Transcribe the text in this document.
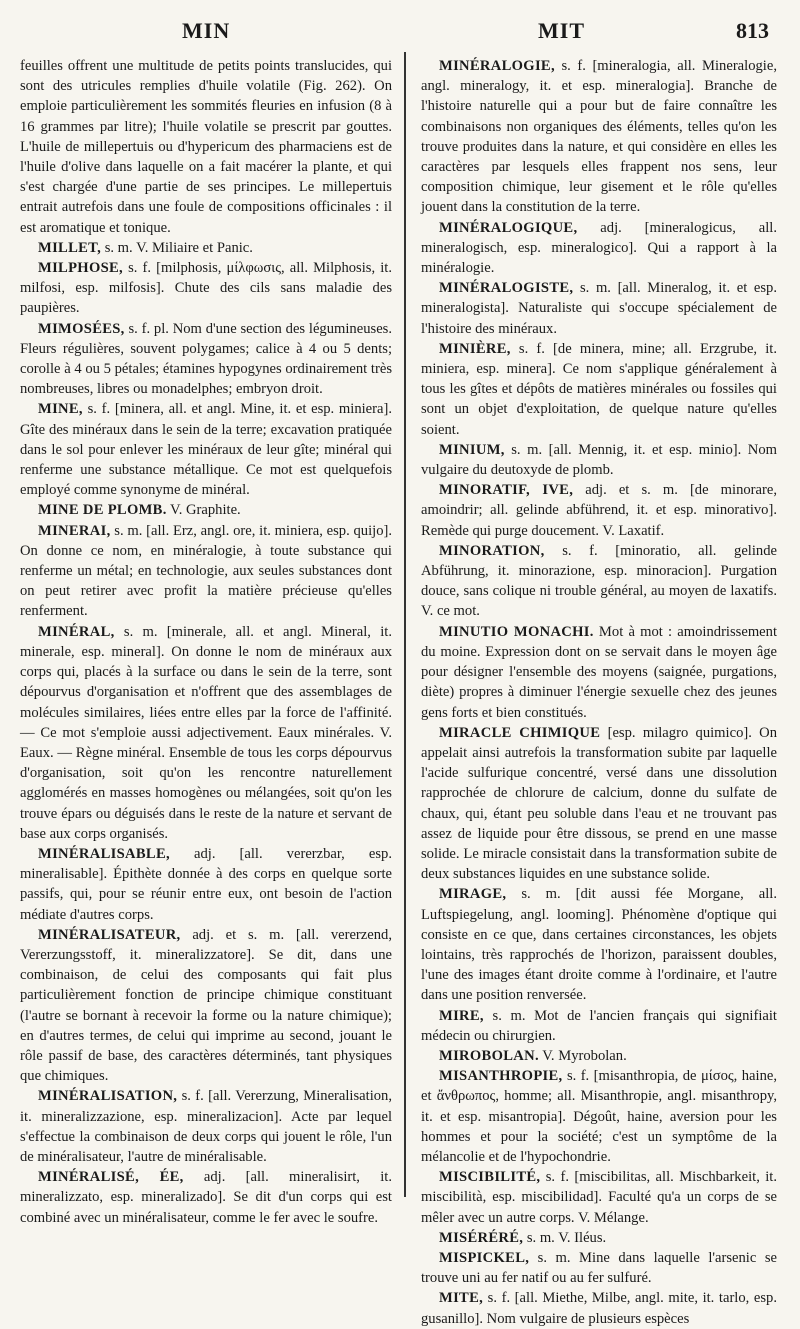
MIN	MIT	813

feuilles offrent une multitude de petits points translucides, qui sont des utricules remplies d'huile volatile (Fig. 262). On emploie particulièrement les sommités fleuries en infusion (8 à 16 grammes par litre); l'huile volatile se prescrit par gouttes. L'huile de millepertuis ou d'hypericum des pharmaciens est de l'huile d'olive dans laquelle on a fait macérer la plante, et qui s'est chargée d'une partie de ses principes. Le millepertuis entrait autrefois dans une foule de compositions officinales : il est aromatique et tonique.

MILLET, s. m. V. Miliaire et Panic.

MILPHOSE, s. f. [milphosis, μίλφωσις, all. Milphosis, it. milfosi, esp. milfosis]. Chute des cils sans maladie des paupières.

MIMOSÉES, s. f. pl. Nom d'une section des légumineuses. Fleurs régulières, souvent polygames; calice à 4 ou 5 dents; corolle à 4 ou 5 pétales; étamines hypogynes ordinairement très nombreuses, libres ou monadelphes; embryon droit.

MINE, s. f. [minera, all. et angl. Mine, it. et esp. miniera]. Gîte des minéraux dans le sein de la terre; excavation pratiquée dans le sol pour enlever les minéraux de leur gîte; minéral qui renferme une substance métallique. Ce mot est quelquefois employé comme synonyme de minéral.

MINE DE PLOMB. V. Graphite.

MINERAI, s. m. [all. Erz, angl. ore, it. miniera, esp. quijo]. On donne ce nom, en minéralogie, à toute substance qui renferme un métal; en technologie, aux seules substances dont on peut retirer avec profit la matière précieuse qu'elles renferment.

MINÉRAL, s. m. [minerale, all. et angl. Mineral, it. minerale, esp. mineral]. On donne le nom de minéraux aux corps qui, placés à la surface ou dans le sein de la terre, sont dépourvus d'organisation et n'offrent que des assemblages de molécules similaires, liées entre elles par la force de l'affinité. — Ce mot s'emploie aussi adjectivement. Eaux minérales. V. Eaux. — Règne minéral. Ensemble de tous les corps dépourvus d'organisation, soit qu'on les rencontre naturellement agglomérés en masses homogènes ou mélangées, soit qu'on les trouve épars ou déguisés dans le reste de la nature et servant de base aux corps organisés.

MINÉRALISABLE, adj. [all. vererzbar, esp. mineralisable]. Épithète donnée à des corps en quelque sorte passifs, qui, pour se réunir entre eux, ont besoin de l'action médiate d'autres corps.

MINÉRALISATEUR, adj. et s. m. [all. vererzend, Vererzungsstoff, it. mineralizzatore]. Se dit, dans une combinaison, de celui des composants qui fait plus particulièrement fonction de principe chimique constituant (l'autre se bornant à recevoir la forme ou la nature chimique); en d'autres termes, de celui qui imprime au second, jouant le rôle passif de base, des caractères déterminés, tant physiques que chimiques.

MINÉRALISATION, s. f. [all. Vererzung, Mineralisation, it. mineralizzazione, esp. mineralizacion]. Acte par lequel s'effectue la combinaison de deux corps qui jouent le rôle, l'un de minéralisateur, l'autre de minéralisable.

MINÉRALISÉ, ÉE, adj. [all. mineralisirt, it. mineralizzato, esp. mineralizado]. Se dit d'un corps qui est combiné avec un minéralisateur, comme le fer avec le soufre.

MINÉRALOGIE, s. f. [mineralogia, all. Mineralogie, angl. mineralogy, it. et esp. mineralogia]. Branche de l'histoire naturelle qui a pour but de faire connaître les combinaisons non organiques des éléments, telles qu'on les trouve produites dans la nature, et qui considère en elles les caractères par lesquels elles frappent nos sens, leur composition chimique, leur gisement et le rôle qu'elles jouent dans la constitution de la terre.

MINÉRALOGIQUE, adj. [mineralogicus, all. mineralogisch, esp. mineralogico]. Qui a rapport à la minéralogie.

MINÉRALOGISTE, s. m. [all. Mineralog, it. et esp. mineralogista]. Naturaliste qui s'occupe spécialement de l'histoire des minéraux.

MINIÈRE, s. f. [de minera, mine; all. Erzgrube, it. miniera, esp. minera]. Ce nom s'applique généralement à tous les gîtes et dépôts de matières minérales ou fossiles qui sont un objet d'exploitation, de quelque nature qu'elles soient.

MINIUM, s. m. [all. Mennig, it. et esp. minio]. Nom vulgaire du deutoxyde de plomb.

MINORATIF, IVE, adj. et s. m. [de minorare, amoindrir; all. gelinde abführend, it. et esp. minorativo]. Remède qui purge doucement. V. Laxatif.

MINORATION, s. f. [minoratio, all. gelinde Abführung, it. minorazione, esp. minoracion]. Purgation douce, sans colique ni trouble général, au moyen de laxatifs. V. ce mot.

MINUTIO MONACHI. Mot à mot : amoindrissement du moine. Expression dont on se servait dans le moyen âge pour désigner l'ensemble des moyens (saignée, purgations, diète) propres à diminuer l'énergie sexuelle chez des jeunes gens forts et bien constitués.

MIRACLE CHIMIQUE [esp. milagro quimico]. On appelait ainsi autrefois la transformation subite par laquelle l'acide sulfurique concentré, versé dans une dissolution rapprochée de chlorure de calcium, donne du sulfate de chaux, qui, étant peu soluble dans l'eau et ne trouvant pas assez de liquide pour être dissous, se prend en une masse solide. Le miracle consistait dans la transformation subite de deux substances liquides en une substance solide.

MIRAGE, s. m. [dit aussi fée Morgane, all. Luftspiegelung, angl. looming]. Phénomène d'optique qui consiste en ce que, dans certaines circonstances, les objets lointains, très rapprochés de l'horizon, paraissent doubles, l'une des images étant droite comme à l'ordinaire, et l'autre dans une position renversée.

MIRE, s. m. Mot de l'ancien français qui signifiait médecin ou chirurgien.

MIROBOLAN. V. Myrobolan.

MISANTHROPIE, s. f. [misanthropia, de μίσος, haine, et ἄνθρωπος, homme; all. Misanthropie, angl. misanthropy, it. et esp. misantropia]. Dégoût, haine, aversion pour les hommes et pour la société; c'est un symptôme de la mélancolie et de l'hypochondrie.

MISCIBILITÉ, s. f. [miscibilitas, all. Mischbarkeit, it. miscibilità, esp. miscibilidad]. Faculté qu'a un corps de se mêler avec un autre corps. V. Mélange.

MISÉRÉRÉ, s. m. V. Iléus.

MISPICKEL, s. m. Mine dans laquelle l'arsenic se trouve uni au fer natif ou au fer sulfuré.

MITE, s. f. [all. Miethe, Milbe, angl. mite, it. tarlo, esp. gusanillo]. Nom vulgaire de plusieurs espèces
